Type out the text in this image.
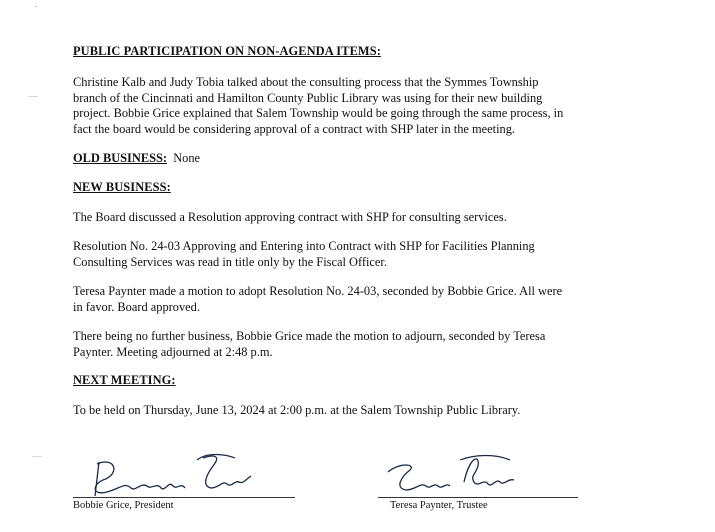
-
—
—

PUBLIC PARTICIPATION ON NON-AGENDA ITEMS:

Christine Kalb and Judy Tobia talked about the consulting process that the Symmes Township
branch of the Cincinnati and Hamilton County Public Library was using for their new building
project. Bobbie Grice explained that Salem Township would be going through the same process, in
fact the board would be considering approval of a contract with SHP later in the meeting.

OLD BUSINESS: None

NEW BUSINESS:

The Board discussed a Resolution approving contract with SHP for consulting services.

Resolution No. 24-03 Approving and Entering into Contract with SHP for Facilities Planning
Consulting Services was read in title only by the Fiscal Officer.

Teresa Paynter made a motion to adopt Resolution No. 24-03, seconded by Bobbie Grice. All were
in favor. Board approved.

There being no further business, Bobbie Grice made the motion to adjourn, seconded by Teresa
Paynter. Meeting adjourned at 2:48 p.m.

NEXT MEETING:

To be held on Thursday, June 13, 2024 at 2:00 p.m. at the Salem Township Public Library.

Bobbie Grice, President	Teresa Paynter, Trustee
